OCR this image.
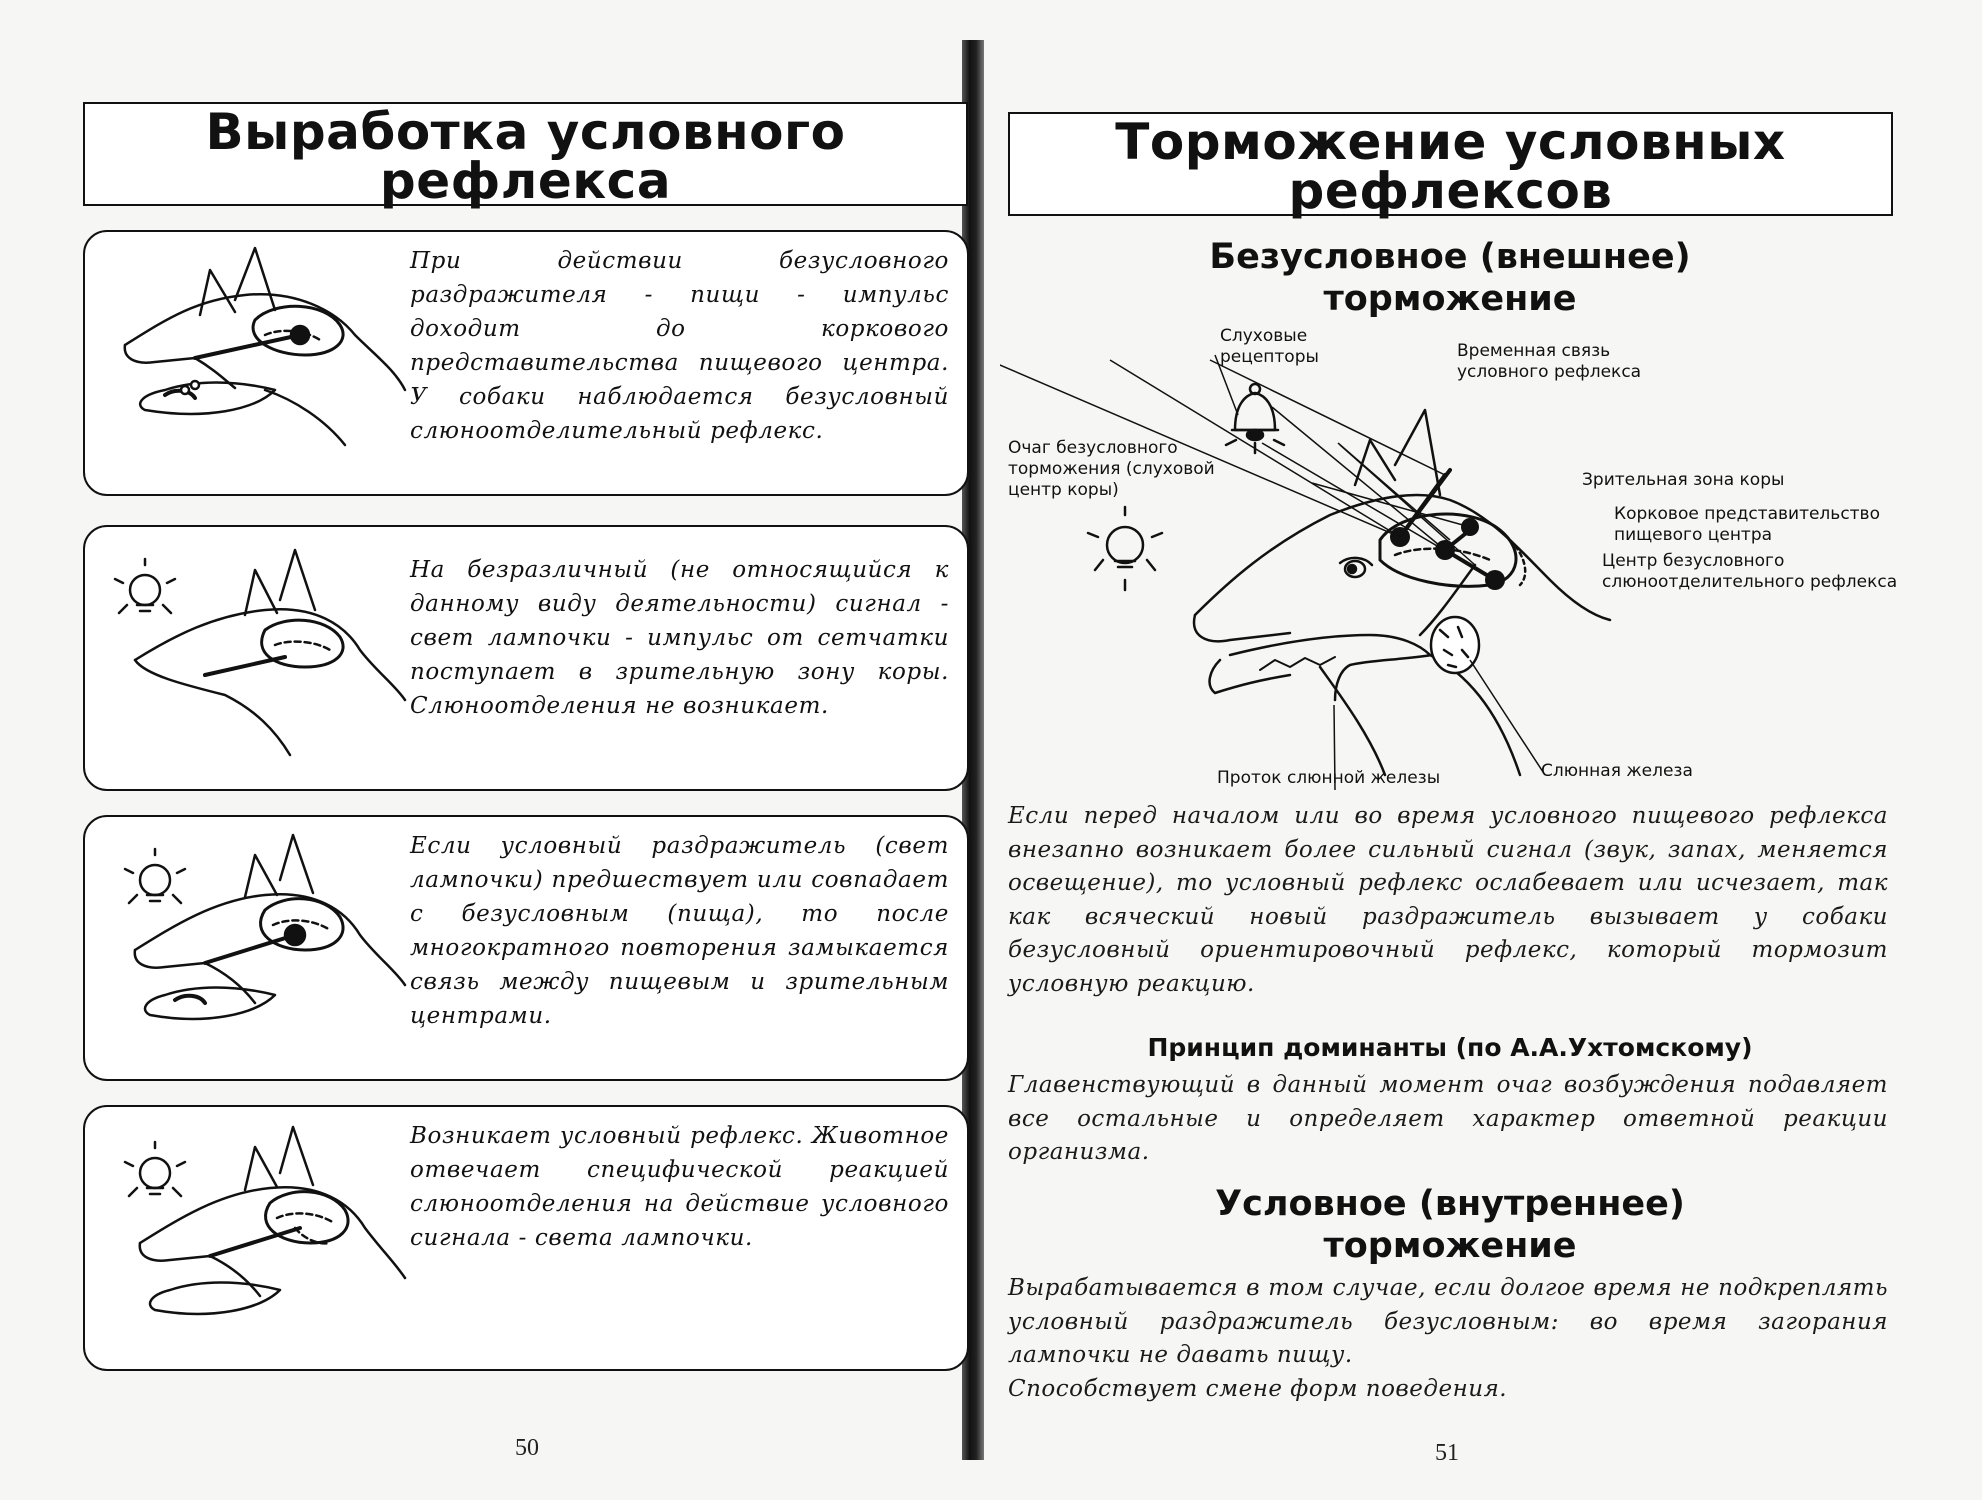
Выработка условного
рефлекса
При действии безусловного раздражителя - пищи - импульс доходит до коркового представительства пищевого центра. У собаки наблюдается безусловный слюноотделительный рефлекс.
На безразличный (не относящийся к данному виду деятельности) сигнал - свет лампочки - импульс от сетчатки поступает в зрительную зону коры. Слюноотделения не возникает.
Если условный раздражитель (свет лампочки) предшествует или совпадает с безусловным (пища), то после многократного повторения замыкается связь между пищевым и зрительным центрами.
Возникает условный рефлекс. Животное отвечает специфической реакцией слюноотделения на действие условного сигнала - света лампочки.
50
Торможение условных
рефлексов
Безусловное (внешнее)
торможение
Слуховые рецепторы	Временная связь условного рефлекса
Очаг безусловного торможения (слуховой центр коры)	Зрительная зона коры
Корковое представительство пищевого центра
Центр безусловного слюноотделительного рефлекса
Проток слюнной железы	Слюнная железа
Если перед началом или во время условного пищевого рефлекса внезапно возникает более сильный сигнал (звук, запах, меняется освещение), то условный рефлекс ослабевает или исчезает, так как всяческий новый раздражитель вызывает у собаки безусловный ориентировочный рефлекс, который тормозит условную реакцию.
Принцип доминанты (по А.А.Ухтомскому)
Главенствующий в данный момент очаг возбуждения подавляет все остальные и определяет характер ответной реакции организма.
Условное (внутреннее)
торможение
Вырабатывается в том случае, если долгое время не подкреплять условный раздражитель безусловным: во время загорания лампочки не давать пищу.
Способствует смене форм поведения.
51
